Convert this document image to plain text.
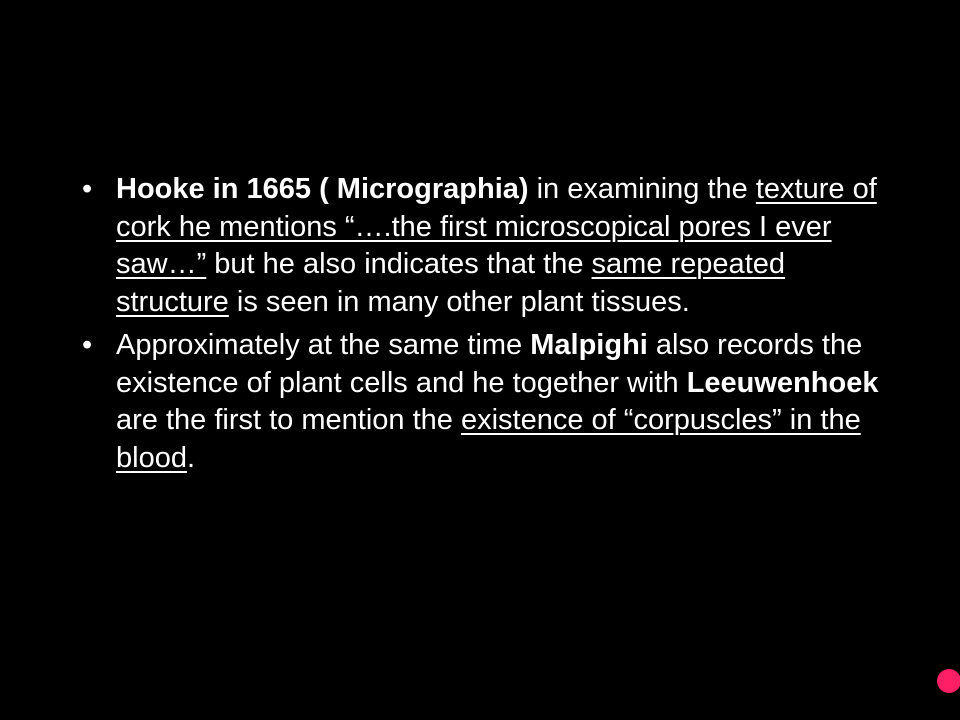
• Hooke in 1665 ( Micrographia) in examining the texture of cork he mentions “….the first microscopical pores I ever saw…” but he also indicates that the same repeated structure is seen in many other plant tissues.
• Approximately at the same time Malpighi also records the existence of plant cells and he together with Leeuwenhoek are the first to mention the existence of “corpuscles” in the blood.
